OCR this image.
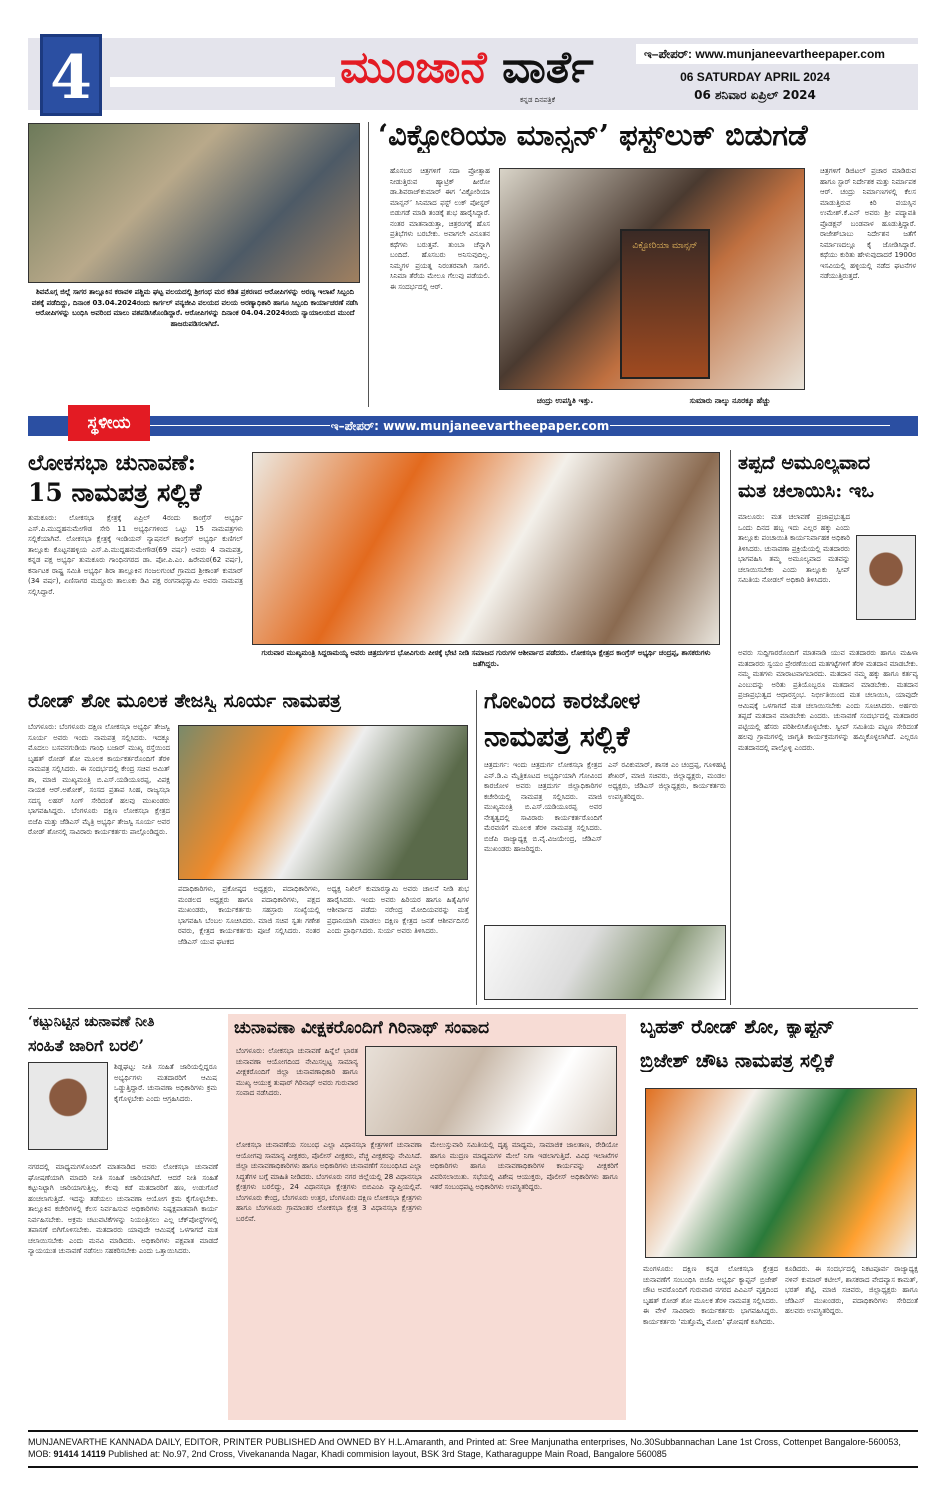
4	ಮುಂಜಾನೆ ವಾರ್ತೆ
ಕನ್ನಡ ದಿನಪತ್ರಿಕೆ
ಇ–ಪೇಪರ್: www.munjaneevartheepaper.com
06 SATURDAY APRIL 2024
06 ಶನಿವಾರ ಏಪ್ರಿಲ್ 2024
ಶಿವಮೊಗ್ಗ ಜಿಲ್ಲೆ ಸಾಗರ ತಾಲ್ಲೂಕಿನ ಕರಾವಳಿ ಪಶ್ಚಿಮ ಘಟ್ಟ ವಲಯದಲ್ಲಿ ಶ್ರೀಗಂಧ ಮರ ಕಡಿತ ಪ್ರಕರಣದ ಆರೋಪಿಗಳನ್ನು ಅರಣ್ಯ ಇಲಾಖೆ ಸಿಬ್ಬಂದಿ ವಶಕ್ಕೆ ಪಡೆದಿದ್ದು, ದಿನಾಂಕ 03.04.2024ರಂದು ಕಾರ್ಗಲ್ ವನ್ಯಜೀವಿ ವಲಯದ ವಲಯ ಅರಣ್ಯಾಧಿಕಾರಿ ಹಾಗೂ ಸಿಬ್ಬಂದಿ ಕಾರ್ಯಾಚರಣೆ ನಡೆಸಿ ಆರೋಪಿಗಳನ್ನು ಬಂಧಿಸಿ ಅವರಿಂದ ಮಾಲು ವಶಪಡಿಸಿಕೊಂಡಿದ್ದಾರೆ. ಆರೋಪಿಗಳನ್ನು ದಿನಾಂಕ 04.04.2024ರಂದು ನ್ಯಾಯಾಲಯದ ಮುಂದೆ ಹಾಜರುಪಡಿಸಲಾಗಿದೆ.
‘ವಿಕ್ಟೋರಿಯಾ ಮಾನ್ಸನ್’ ಫಸ್ಟ್‌ಲುಕ್ ಬಿಡುಗಡೆ
ಹೊಸಬರ ಚಿತ್ರಗಳಿಗೆ ಸದಾ ಪ್ರೋತ್ಸಾಹ ನೀಡುತ್ತಿರುವ ಹ್ಯಾಟ್ರಿಕ್ ಹೀರೋ ಡಾ.ಶಿವರಾಜ್‌ಕುಮಾರ್ ಈಗ ‘ವಿಕ್ಟೋರಿಯಾ ಮಾನ್ಸನ್’ ಸಿನಿಮಾದ ಫಸ್ಟ್ ಲುಕ್ ಪೋಸ್ಟರ್ ಬಿಡುಗಡೆ ಮಾಡಿ ತಂಡಕ್ಕೆ ಶುಭ ಹಾರೈಸಿದ್ದಾರೆ. ನಂತರ ಮಾತನಾಡುತ್ತಾ, ಚಿತ್ರರಂಗಕ್ಕೆ ಹೊಸ ಪ್ರತಿಭೆಗಳು ಬರಬೇಕು. ಅವಾಗಲೇ ವಿನೂತನ ಕಥೆಗಳು ಬರುತ್ತವೆ. ತುಂಬಾ ಚೆನ್ನಾಗಿ ಬಂದಿದೆ. ಹೊಸಬರು ಅನಿಸುವುದಿಲ್ಲ. ನಿಮ್ಮಗಳ ಪ್ರಯತ್ನ ನಿರಂತರವಾಗಿ ಸಾಗಲಿ. ಸಿನಿಮಾ ತೆರೆಯ ಮೇಲೂ ಗೆಲುವು ಪಡೆಯಲಿ. ಈ ಸಂದರ್ಭದಲ್ಲಿ ಆರ್.
ವಿಕ್ಟೋರಿಯಾ ಮಾನ್ಸನ್
ಚಂದ್ರು ಉಪಸ್ಥಿತಿ ಇತ್ತು.	ಸುಮಾರು ನಾಲ್ಕು ನೂರಕ್ಕೂ ಹೆಚ್ಚು
ಚಿತ್ರಗಳಿಗೆ ಡಿಜಿಟಲ್ ಪ್ರಚಾರ ಮಾಡಿರುವ ಹಾಗೂ ಸ್ಟಾರ್ ನಿರ್ದೇಶಕ ಮತ್ತು ನಿರ್ಮಾಪಕ ಆರ್. ಚಂದ್ರು ನಿರ್ಮಾಣಗಳಲ್ಲಿ ಕೆಲಸ ಮಾಡುತ್ತಿರುವ ಕಿರಿ ವಯಸ್ಸಿನ ಉಮೇಶ್.ಕೆ.ಎನ್ ಅವರು ಶ್ರೀ ಪದ್ಮಾವತಿ ಪ್ರೊಡಕ್ಷನ್ ಬಂಡವಾಳ ಹೂಡುತ್ತಿದ್ದಾರೆ. ರಾಜೇಶ್‌ಬಾಬು ನಿರ್ದೇಶನ ಜತೆಗೆ ನಿರ್ಮಾಣದಲ್ಲೂ ಕೈ ಜೋಡಿಸಿದ್ದಾರೆ. ಕಥೆಯು ಕುರಿತು ಹೇಳುವುದಾದರೆ 1900ರ ಇಸವಿಯಲ್ಲಿ ಹಳ್ಳಿಯಲ್ಲಿ ನಡೆದ ಘಟನೆಗಳ ನಡೆಯುತ್ತಿರುತ್ತದೆ.
ಇ–ಪೇಪರ್: www.munjaneevartheepaper.com
ಸ್ಥಳೀಯ
ಲೋಕಸಭಾ ಚುನಾವಣೆ:
15 ನಾಮಪತ್ರ ಸಲ್ಲಿಕೆ
ತುಮಕೂರು: ಲೋಕಸಭಾ ಕ್ಷೇತ್ರಕ್ಕೆ ಏಪ್ರಿಲ್ 4ರಂದು ಕಾಂಗ್ರೆಸ್ ಅಭ್ಯರ್ಥಿ ಎಸ್.ಪಿ.ಮುದ್ದಹನುಮೇಗೌಡ ಸೇರಿ 11 ಅಭ್ಯರ್ಥಿಗಳಿಂದ ಒಟ್ಟು 15 ನಾಮಪತ್ರಗಳು ಸಲ್ಲಿಕೆಯಾಗಿವೆ. ಲೋಕಸಭಾ ಕ್ಷೇತ್ರಕ್ಕೆ ಇಂಡಿಯನ್ ನ್ಯಾಷನಲ್ ಕಾಂಗ್ರೆಸ್ ಅಭ್ಯರ್ಥಿ ಕುಣಿಗಲ್ ತಾಲ್ಲೂಕು ಕೊಟ್ಟನಹಳ್ಳಿಯ ಎಸ್.ಪಿ.ಮುದ್ದಹನುಮೇಗೌಡ(69 ವರ್ಷ) ಅವರು 4 ನಾಮಪತ್ರ, ಕನ್ನಡ ಪಕ್ಷ ಅಭ್ಯರ್ಥಿ ತುಮಕೂರು ಗಾಂಧಿನಗರದ ಡಾ. ಪೋ.ಪಿ.ಎಂ. ಹಿರೇಮಠ(62 ವರ್ಷ), ಕರ್ನಾಟಕ ರಾಷ್ಟ್ರ ಸಮಿತಿ ಅಭ್ಯರ್ಥಿ ಶಿರಾ ತಾಲ್ಲೂಕಿನ ಗಂಜಲಗುಂಟೆ ಗ್ರಾಮದ ಶ್ರೀಕಾಂತ್ ಕುಮಾರ್ (34 ವರ್ಷ), ಏಣಿಸಾಗರ ಮದ್ದೂರು ತಾಲೂಕು ಡಿವಿ ಪಕ್ಷ ರಂಗನಾಥಸ್ವಾಮಿ ಅವರು ನಾಮಪತ್ರ ಸಲ್ಲಿಸಿದ್ದಾರೆ.
ಗುರುವಾರ ಮುಖ್ಯಮಂತ್ರಿ ಸಿದ್ದರಾಮಯ್ಯ ಅವರು ಚಿತ್ರದುರ್ಗದ ಭೋವಿಗುರು ಪೀಠಕ್ಕೆ ಭೇಟಿ ನೀಡಿ ಸಮಾಜದ ಗುರುಗಳ ಆಶೀರ್ವಾದ ಪಡೆದರು. ಲೋಕಸಭಾ ಕ್ಷೇತ್ರದ ಕಾಂಗ್ರೆಸ್ ಅಭ್ಯರ್ಥಿ ಚಂದ್ರಪ್ಪ, ಶಾಸಕರುಗಳು ಜತೆಗಿದ್ದರು.
ತಪ್ಪದೆ ಅಮೂಲ್ಯವಾದ
ಮತ ಚಲಾಯಿಸಿ: ಇಒ
ಮಾಲೂರು: ಮತ ಚಲಾವಣೆ ಪ್ರಜಾಪ್ರಭುತ್ವದ ಒಂದು ದಿನದ ಹಬ್ಬ ಇದು ಎಲ್ಲರ ಹಕ್ಕು ಎಂದು ತಾಲ್ಲೂಕು ಪಂಚಾಯಿತಿ ಕಾರ್ಯನಿರ್ವಾಹಕ ಅಧಿಕಾರಿ ತಿಳಿಸಿದರು. ಚುನಾವಣಾ ಪ್ರಕ್ರಿಯೆಯಲ್ಲಿ ಮತದಾರರು ಭಾಗವಹಿಸಿ ತಮ್ಮ ಅಮೂಲ್ಯವಾದ ಮತವನ್ನು ಚಲಾಯಿಸಬೇಕು ಎಂದು ತಾಲ್ಲೂಕು ಸ್ವೀಪ್ ಸಮಿತಿಯ ನೋಡಲ್ ಅಧಿಕಾರಿ ತಿಳಿಸಿದರು.
ಅವರು ಸುದ್ದಿಗಾರರೊಂದಿಗೆ ಮಾತನಾಡಿ ಯುವ ಮತದಾರರು ಹಾಗೂ ಮಹಿಳಾ ಮತದಾರರು ಸ್ವಯಂ ಪ್ರೇರಣೆಯಿಂದ ಮತಗಟ್ಟೆಗಳಿಗೆ ತೆರಳಿ ಮತದಾನ ಮಾಡಬೇಕು. ನಮ್ಮ ಮತಗಳು ಮಾರಾಟವಾಗಬಾರದು. ಮತದಾನ ನಮ್ಮ ಹಕ್ಕು ಹಾಗೂ ಕರ್ತವ್ಯ ಎಂಬುದನ್ನು ಅರಿತು ಪ್ರತಿಯೊಬ್ಬರೂ ಮತದಾನ ಮಾಡಬೇಕು. ಮತದಾನ ಪ್ರಜಾಪ್ರಭುತ್ವದ ಆಧಾರಸ್ತಂಭ. ನಿರ್ಭೀತಿಯಿಂದ ಮತ ಚಲಾಯಿಸಿ, ಯಾವುದೇ ಆಮಿಷಕ್ಕೆ ಒಳಗಾಗದೆ ಮತ ಚಲಾಯಿಸಬೇಕು ಎಂದು ಸೂಚಿಸಿದರು. ಅರ್ಹರು ತಪ್ಪದೆ ಮತದಾನ ಮಾಡಬೇಕು ಎಂದರು. ಚುನಾವಣೆ ಸಂದರ್ಭದಲ್ಲಿ ಮತದಾರರ ಪಟ್ಟಿಯಲ್ಲಿ ಹೆಸರು ಪರಿಶೀಲಿಸಿಕೊಳ್ಳಬೇಕು. ಸ್ವೀಪ್ ಸಮಿತಿಯ ಪಟ್ಟಣ ಸೇರಿದಂತೆ ಹಲವು ಗ್ರಾಮಗಳಲ್ಲಿ ಜಾಗೃತಿ ಕಾರ್ಯಕ್ರಮಗಳನ್ನು ಹಮ್ಮಿಕೊಳ್ಳಲಾಗಿದೆ. ಎಲ್ಲರೂ ಮತದಾನದಲ್ಲಿ ಪಾಲ್ಗೊಳ್ಳಿ ಎಂದರು.
ರೋಡ್ ಶೋ ಮೂಲಕ ತೇಜಸ್ವಿ ಸೂರ್ಯ ನಾಮಪತ್ರ
ಬೆಂಗಳೂರು: ಬೆಂಗಳೂರು ದಕ್ಷಿಣ ಲೋಕಸಭಾ ಅಭ್ಯರ್ಥಿ ತೇಜಸ್ವಿ ಸೂರ್ಯ ಅವರು ಇಂದು ನಾಮಪತ್ರ ಸಲ್ಲಿಸಿದರು. ಇದಕ್ಕೂ ಮೊದಲು ಬಸವನಗುಡಿಯ ಗಾಂಧಿ ಬಜಾರ್ ಮುಖ್ಯ ರಸ್ತೆಯಿಂದ ಬೃಹತ್ ರೋಡ್ ಶೋ ಮೂಲಕ ಕಾರ್ಯಕರ್ತರೊಂದಿಗೆ ತೆರಳಿ ನಾಮಪತ್ರ ಸಲ್ಲಿಸಿದರು. ಈ ಸಂದರ್ಭದಲ್ಲಿ ಕೇಂದ್ರ ಸಚಿವ ಅಮಿತ್ ಶಾ, ಮಾಜಿ ಮುಖ್ಯಮಂತ್ರಿ ಬಿ.ಎಸ್.ಯಡಿಯೂರಪ್ಪ, ವಿಪಕ್ಷ ನಾಯಕ ಆರ್.ಅಶೋಕ್, ಸಂಸದ ಪ್ರತಾಪ ಸಿಂಹ, ರಾಜ್ಯಸಭಾ ಸದಸ್ಯ ಲಹರ್ ಸಿಂಗ್ ಸೇರಿದಂತೆ ಹಲವು ಮುಖಂಡರು ಭಾಗವಹಿಸಿದ್ದರು. ಬೆಂಗಳೂರು ದಕ್ಷಿಣ ಲೋಕಸಭಾ ಕ್ಷೇತ್ರದ ಬಿಜೆಪಿ ಮತ್ತು ಜೆಡಿಎಸ್ ಮೈತ್ರಿ ಅಭ್ಯರ್ಥಿ ತೇಜಸ್ವಿ ಸೂರ್ಯ ಅವರ ರೋಡ್ ಶೋನಲ್ಲಿ ಸಾವಿರಾರು ಕಾರ್ಯಕರ್ತರು ಪಾಲ್ಗೊಂಡಿದ್ದರು.
ಪದಾಧಿಕಾರಿಗಳು, ಪ್ರಕೋಷ್ಠದ ಅಧ್ಯಕ್ಷರು, ಪದಾಧಿಕಾರಿಗಳು, ಮಂಡಲದ ಅಧ್ಯಕ್ಷರು ಹಾಗೂ ಪದಾಧಿಕಾರಿಗಳು, ಪಕ್ಷದ ಮುಖಂಡರು, ಕಾರ್ಯಕರ್ತರು ಸಹಸ್ರಾರು ಸಂಖ್ಯೆಯಲ್ಲಿ ಭಾಗವಹಿಸಿ ಬೆಂಬಲ ಸೂಚಿಸಿದರು. ಮಾಜಿ ಸಚಿವ ಸ್ವತಃ ಗಣೇಶ ರವರು, ಕ್ಷೇತ್ರದ ಕಾರ್ಯಕರ್ತರು ಪೂಜೆ ಸಲ್ಲಿಸಿದರು. ನಂತರ ಜೆಡಿಎಸ್ ಯುವ ಘಟಕದ
ಅಧ್ಯಕ್ಷ ನಿಖಿಲ್ ಕುಮಾರಸ್ವಾಮಿ ಅವರು ಚಾಲನೆ ನೀಡಿ ಶುಭ ಹಾರೈಸಿದರು. ಇಂದು ಅವರು ಹಿರಿಯರ ಹಾಗೂ ಹಿತೈಷಿಗಳ ಆಶೀರ್ವಾದ ಪಡೆದು ನರೇಂದ್ರ ಮೋದಿಯವರನ್ನು ಮತ್ತೆ ಪ್ರಧಾನಿಯಾಗಿ ಮಾಡಲು ದಕ್ಷಿಣ ಕ್ಷೇತ್ರದ ಜನತೆ ಆಶೀರ್ವದಿಸಲಿ ಎಂದು ಪ್ರಾರ್ಥಿಸಿದರು. ಸುರ್ಯ ಅವರು ತಿಳಿಸಿದರು.
ಗೋವಿಂದ ಕಾರಜೋಳ
ನಾಮಪತ್ರ ಸಲ್ಲಿಕೆ
ಚಿತ್ರದುರ್ಗ: ಇಂದು ಚಿತ್ರದುರ್ಗ ಲೋಕಸಭಾ ಕ್ಷೇತ್ರದ ಎನ್.ಡಿ.ಎ ಮೈತ್ರಿಕೂಟದ ಅಭ್ಯರ್ಥಿಯಾಗಿ ಗೋವಿಂದ ಕಾರಜೋಳ ಅವರು ಚಿತ್ರದುರ್ಗ ಜಿಲ್ಲಾಧಿಕಾರಿಗಳ ಕಚೇರಿಯಲ್ಲಿ ನಾಮಪತ್ರ ಸಲ್ಲಿಸಿದರು. ಮಾಜಿ ಮುಖ್ಯಮಂತ್ರಿ ಬಿ.ಎಸ್.ಯಡಿಯೂರಪ್ಪ ಅವರ ನೇತೃತ್ವದಲ್ಲಿ ಸಾವಿರಾರು ಕಾರ್ಯಕರ್ತರೊಂದಿಗೆ ಮೆರವಣಿಗೆ ಮೂಲಕ ತೆರಳಿ ನಾಮಪತ್ರ ಸಲ್ಲಿಸಿದರು. ಬಿಜೆಪಿ ರಾಜ್ಯಾಧ್ಯಕ್ಷ ಬಿ.ವೈ.ವಿಜಯೇಂದ್ರ, ಜೆಡಿಎಸ್ ಮುಖಂಡರು ಹಾಜರಿದ್ದರು.
ಎನ್ ರವಿಕುಮಾರ್, ಶಾಸಕ ಎಂ ಚಂದ್ರಪ್ಪ, ಗೂಳಿಹಟ್ಟಿ ಶೇಖರ್, ಮಾಜಿ ಸಚಿವರು, ಜಿಲ್ಲಾಧ್ಯಕ್ಷರು, ಮಂಡಲ ಅಧ್ಯಕ್ಷರು, ಜೆಡಿಎಸ್ ಜಿಲ್ಲಾಧ್ಯಕ್ಷರು, ಕಾರ್ಯಕರ್ತರು ಉಪಸ್ಥಿತರಿದ್ದರು.
‘ಕಟ್ಟುನಿಟ್ಟಿನ ಚುನಾವಣೆ ನೀತಿ
ಸಂಹಿತೆ ಜಾರಿಗೆ ಬರಲಿ’
ಶಿಡ್ಲಘಟ್ಟ: ನೀತಿ ಸಂಹಿತೆ ಜಾರಿಯಲ್ಲಿದ್ದರೂ ಅಭ್ಯರ್ಥಿಗಳು ಮತದಾರರಿಗೆ ಆಮಿಷ ಒಡ್ಡುತ್ತಿದ್ದಾರೆ. ಚುನಾವಣಾ ಅಧಿಕಾರಿಗಳು ಕ್ರಮ ಕೈಗೊಳ್ಳಬೇಕು ಎಂದು ಆಗ್ರಹಿಸಿದರು.
ನಗರದಲ್ಲಿ ಮಾಧ್ಯಮಗಳೊಂದಿಗೆ ಮಾತನಾಡಿದ ಅವರು ಲೋಕಸಭಾ ಚುನಾವಣೆ ಘೋಷಣೆಯಾಗಿ ಮಾದರಿ ನೀತಿ ಸಂಹಿತೆ ಜಾರಿಯಾಗಿದೆ. ಆದರೆ ನೀತಿ ಸಂಹಿತೆ ಕಟ್ಟುನಿಟ್ಟಾಗಿ ಜಾರಿಯಾಗುತ್ತಿಲ್ಲ. ಕೆಲವು ಕಡೆ ಮತದಾರರಿಗೆ ಹಣ, ಉಡುಗೊರೆ ಹಂಚಲಾಗುತ್ತಿದೆ. ಇದನ್ನು ತಡೆಯಲು ಚುನಾವಣಾ ಆಯೋಗ ಕ್ರಮ ಕೈಗೊಳ್ಳಬೇಕು. ತಾಲ್ಲೂಕಿನ ಕಚೇರಿಗಳಲ್ಲಿ ಕೆಲಸ ನಿರ್ವಹಿಸುವ ಅಧಿಕಾರಿಗಳು ನಿಷ್ಪಕ್ಷಪಾತವಾಗಿ ಕಾರ್ಯ ನಿರ್ವಹಿಸಬೇಕು. ಅಕ್ರಮ ಚಟುವಟಿಕೆಗಳನ್ನು ನಿಯಂತ್ರಿಸಲು ಎಲ್ಲ ಚೆಕ್‌ಪೋಸ್ಟ್‌ಗಳಲ್ಲಿ ತಪಾಸಣೆ ಬಿಗಿಗೊಳಿಸಬೇಕು. ಮತದಾರರು ಯಾವುದೇ ಆಮಿಷಕ್ಕೆ ಒಳಗಾಗದೆ ಮತ ಚಲಾಯಿಸಬೇಕು ಎಂದು ಮನವಿ ಮಾಡಿದರು. ಅಧಿಕಾರಿಗಳು ಪಕ್ಷಪಾತ ಮಾಡದೆ ನ್ಯಾಯಯುತ ಚುನಾವಣೆ ನಡೆಸಲು ಸಹಕರಿಸಬೇಕು ಎಂದು ಒತ್ತಾಯಿಸಿದರು.
ಚುನಾವಣಾ ವೀಕ್ಷಕರೊಂದಿಗೆ ಗಿರಿನಾಥ್ ಸಂವಾದ
ಬೆಂಗಳೂರು: ಲೋಕಸಭಾ ಚುನಾವಣೆ ಹಿನ್ನೆಲೆ ಭಾರತ ಚುನಾವಣಾ ಆಯೋಗದಿಂದ ನೇಮಿಸಲ್ಪಟ್ಟ ಸಾಮಾನ್ಯ ವೀಕ್ಷಕರೊಂದಿಗೆ ಜಿಲ್ಲಾ ಚುನಾವಣಾಧಿಕಾರಿ ಹಾಗೂ ಮುಖ್ಯ ಆಯುಕ್ತ ತುಷಾರ್ ಗಿರಿನಾಥ್ ಅವರು ಗುರುವಾರ ಸಂವಾದ ನಡೆಸಿದರು.
ಲೋಕಸಭಾ ಚುನಾವಣೆಯ ಸಂಬಂಧ ಎಲ್ಲಾ ವಿಧಾನಸಭಾ ಕ್ಷೇತ್ರಗಳಿಗೆ ಚುನಾವಣಾ ಆಯೋಗವು ಸಾಮಾನ್ಯ ವೀಕ್ಷಕರು, ಪೊಲೀಸ್ ವೀಕ್ಷಕರು, ವೆಚ್ಚ ವೀಕ್ಷಕರನ್ನು ನೇಮಿಸಿದೆ. ಜಿಲ್ಲಾ ಚುನಾವಣಾಧಿಕಾರಿಗಳು ಹಾಗೂ ಅಧಿಕಾರಿಗಳು ಚುನಾವಣೆಗೆ ಸಂಬಂಧಿಸಿದ ಎಲ್ಲಾ ಸಿದ್ಧತೆಗಳ ಬಗ್ಗೆ ಮಾಹಿತಿ ನೀಡಿದರು. ಬೆಂಗಳೂರು ನಗರ ಜಿಲ್ಲೆಯಲ್ಲಿ 28 ವಿಧಾನಸಭಾ ಕ್ಷೇತ್ರಗಳು ಬರಲಿದ್ದು, 24 ವಿಧಾನಸಭಾ ಕ್ಷೇತ್ರಗಳು ಬಿಬಿಎಂಪಿ ವ್ಯಾಪ್ತಿಯಲ್ಲಿವೆ. ಬೆಂಗಳೂರು ಕೇಂದ್ರ, ಬೆಂಗಳೂರು ಉತ್ತರ, ಬೆಂಗಳೂರು ದಕ್ಷಿಣ ಲೋಕಸಭಾ ಕ್ಷೇತ್ರಗಳು ಹಾಗೂ ಬೆಂಗಳೂರು ಗ್ರಾಮಾಂತರ ಲೋಕಸಭಾ ಕ್ಷೇತ್ರ 3 ವಿಧಾನಸಭಾ ಕ್ಷೇತ್ರಗಳು ಬರಲಿವೆ.
ಮೇಲುಸ್ತುವಾರಿ ಸಮಿತಿಯಲ್ಲಿ ದೃಶ್ಯ ಮಾಧ್ಯಮ, ಸಾಮಾಜಿಕ ಜಾಲತಾಣ, ರೇಡಿಯೋ ಹಾಗೂ ಮುದ್ರಣ ಮಾಧ್ಯಮಗಳ ಮೇಲೆ ನಿಗಾ ಇಡಲಾಗುತ್ತಿದೆ. ವಿವಿಧ ಇಲಾಖೆಗಳ ಅಧಿಕಾರಿಗಳು ಹಾಗೂ ಚುನಾವಣಾಧಿಕಾರಿಗಳ ಕಾರ್ಯವನ್ನು ವೀಕ್ಷಕರಿಗೆ ವಿವರಿಸಲಾಯಿತು. ಸಭೆಯಲ್ಲಿ ವಿಶೇಷ ಆಯುಕ್ತರು, ಪೊಲೀಸ್ ಅಧಿಕಾರಿಗಳು ಹಾಗೂ ಇತರೆ ಸಂಬಂಧಪಟ್ಟ ಅಧಿಕಾರಿಗಳು ಉಪಸ್ಥಿತರಿದ್ದರು.
ಬೃಹತ್ ರೋಡ್ ಶೋ, ಕ್ಯಾಪ್ಟನ್
ಬ್ರಿಜೇಶ್ ಚೌಟ ನಾಮಪತ್ರ ಸಲ್ಲಿಕೆ
ಮಂಗಳೂರು: ದಕ್ಷಿಣ ಕನ್ನಡ ಲೋಕಸಭಾ ಕ್ಷೇತ್ರದ ಚುನಾವಣೆಗೆ ಸಂಬಂಧಿಸಿ ಬಿಜೆಪಿ ಅಭ್ಯರ್ಥಿ ಕ್ಯಾಪ್ಟನ್ ಬ್ರಿಜೇಶ್ ಚೌಟ ಅವರೊಂದಿಗೆ ಗುರುವಾರ ನಗರದ ಪಿವಿಎಸ್ ವೃತ್ತದಿಂದ ಬೃಹತ್ ರೋಡ್ ಶೋ ಮೂಲಕ ತೆರಳಿ ನಾಮಪತ್ರ ಸಲ್ಲಿಸಿದರು. ಈ ವೇಳೆ ಸಾವಿರಾರು ಕಾರ್ಯಕರ್ತರು ಭಾಗವಹಿಸಿದ್ದರು. ಕಾರ್ಯಕರ್ತರು ‘ಮತ್ತೊಮ್ಮೆ ಮೋದಿ’ ಘೋಷಣೆ ಕೂಗಿದರು.
ಕೂಡಿದರು. ಈ ಸಂದರ್ಭದಲ್ಲಿ ನಿಕಟಪೂರ್ವ ರಾಜ್ಯಾಧ್ಯಕ್ಷ ನಳಿನ್ ಕುಮಾರ್ ಕಟೀಲ್, ಶಾಸಕರಾದ ವೇದವ್ಯಾಸ ಕಾಮತ್, ಭರತ್ ಶೆಟ್ಟಿ, ಮಾಜಿ ಸಚಿವರು, ಜಿಲ್ಲಾಧ್ಯಕ್ಷರು ಹಾಗೂ ಜೆಡಿಎಸ್ ಮುಖಂಡರು, ಪದಾಧಿಕಾರಿಗಳು ಸೇರಿದಂತೆ ಹಲವರು ಉಪಸ್ಥಿತರಿದ್ದರು.
MUNJANEVARTHE KANNADA DAILY, EDITOR, PRINTER PUBLISHED And OWNED BY H.L.Amaranth, and Printed at: Sree Manjunatha enterprises, No.30Subbannachan Lane 1st Cross, Cottenpet Bangalore-560053,
MOB: 91414 14119 Published at: No.97, 2nd Cross, Vivekananda Nagar, Khadi commision layout, BSK 3rd Stage, Katharaguppe Main Road, Bangalore 560085
